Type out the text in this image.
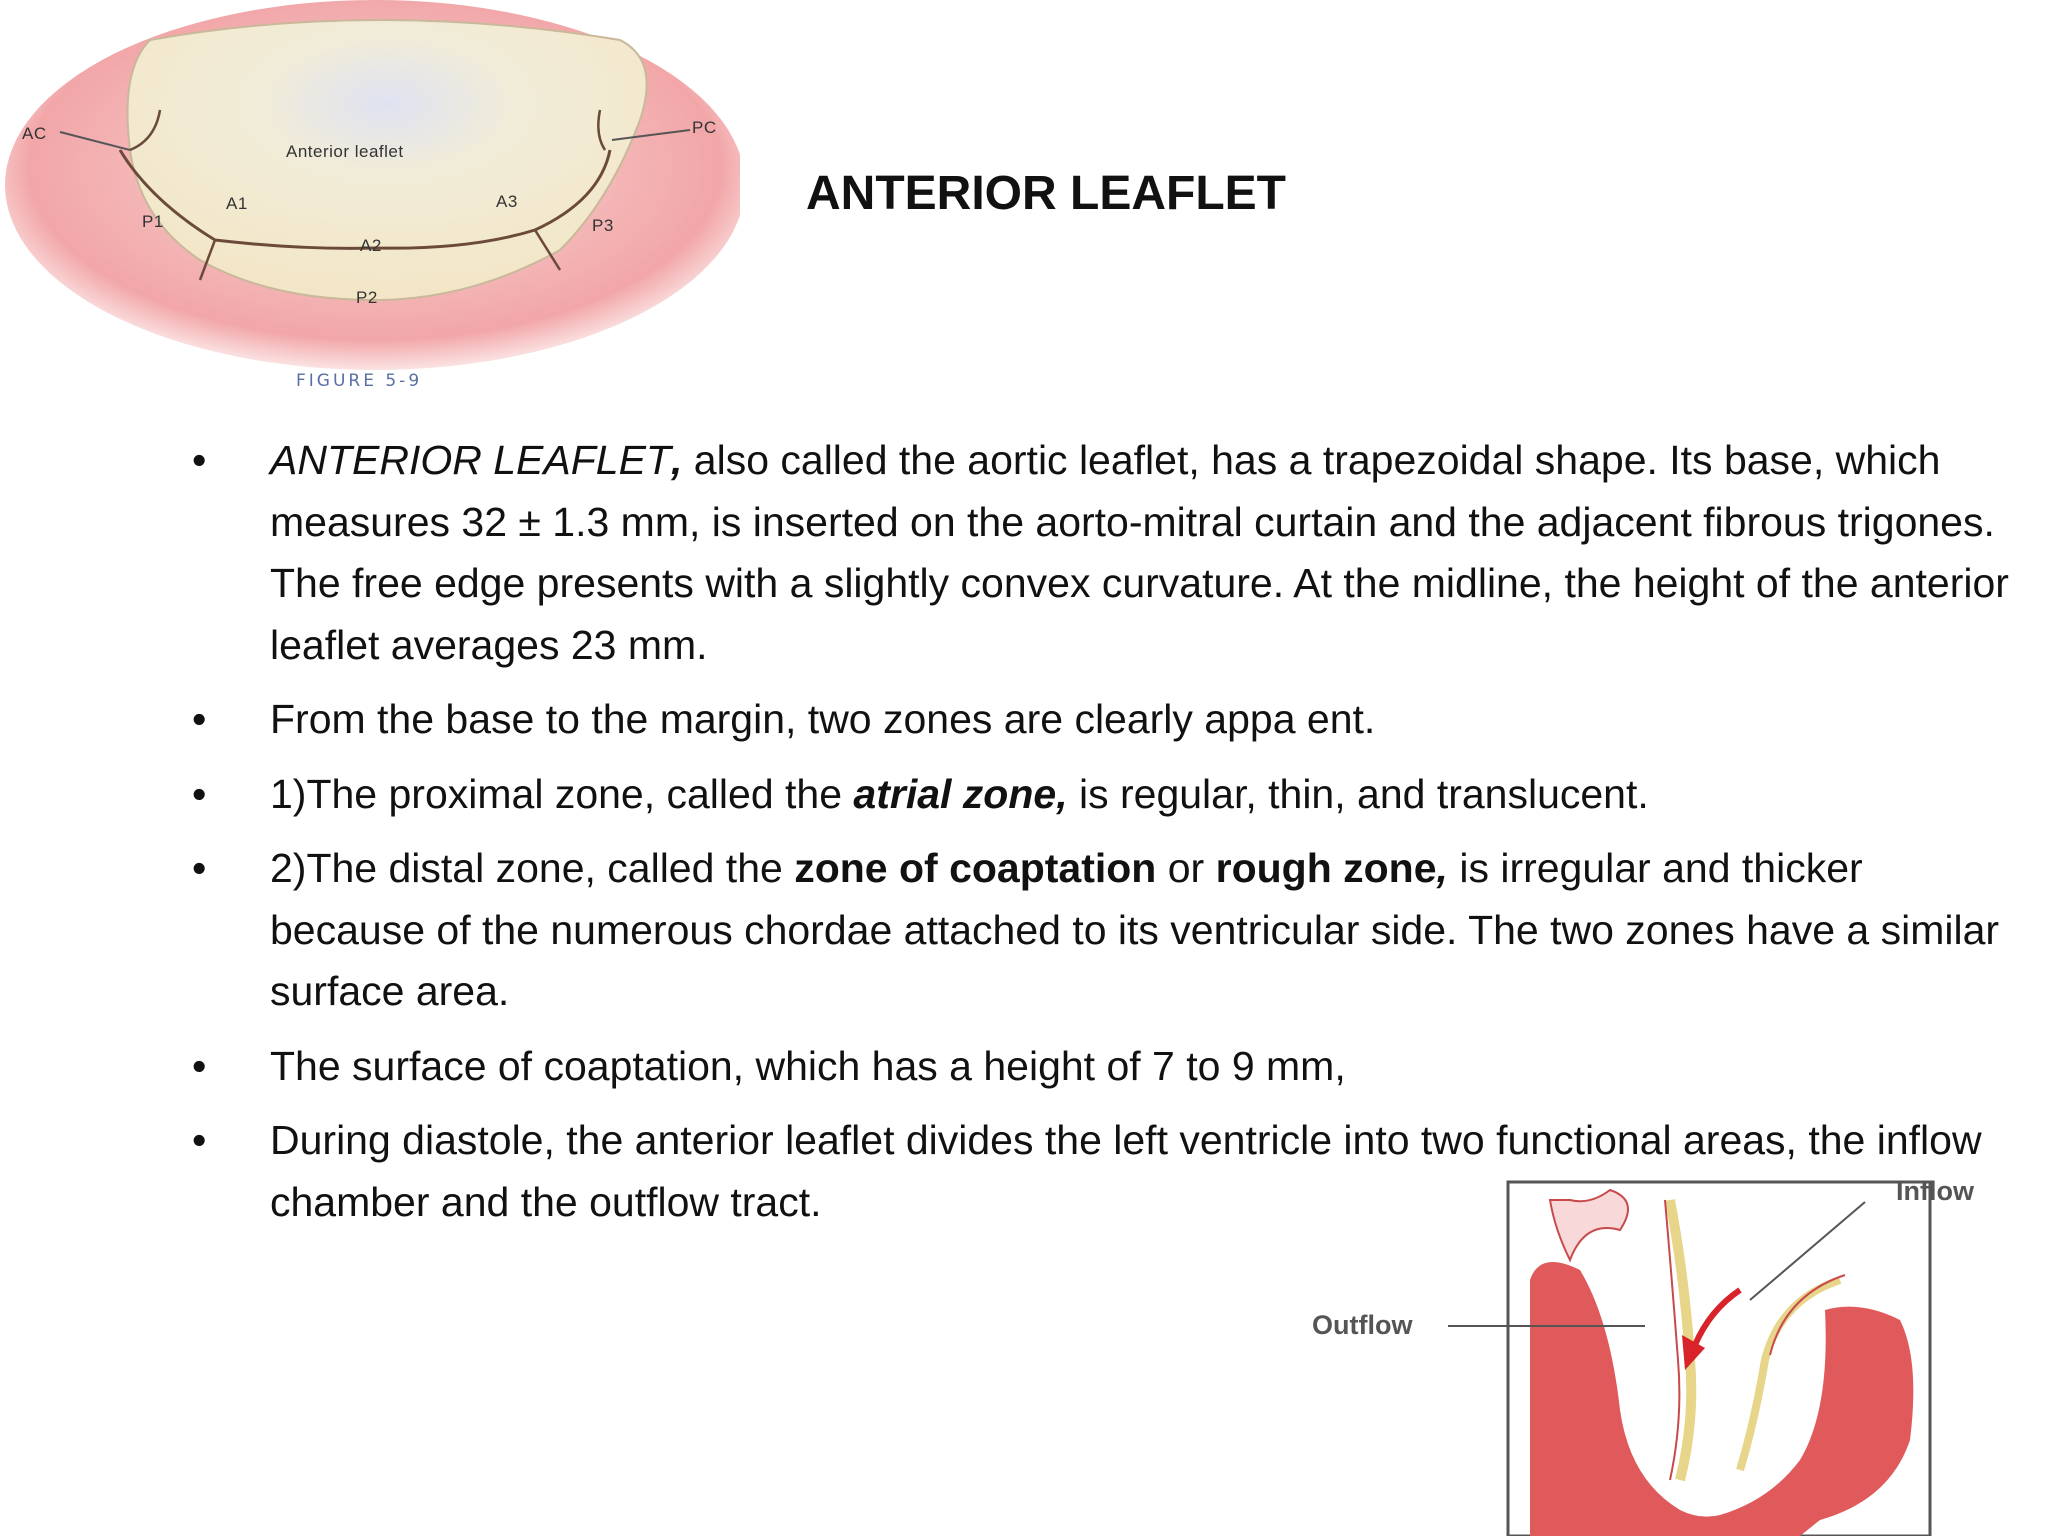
AC	PC
Anterior leaflet
A1
A2
A3
P1
P2
P3
FIGURE 5-9
ANTERIOR LEAFLET
• ANTERIOR LEAFLET, also called the aortic leaflet, has a trapezoidal shape. Its base, which measures 32 ± 1.3 mm, is inserted on the aorto-mitral curtain and the adjacent fibrous trigones. The free edge presents with a slightly convex curvature. At the midline, the height of the anterior leaflet averages 23 mm.
• From the base to the margin, two zones are clearly appa ent.
• 1)The proximal zone, called the atrial zone, is regular, thin, and translucent.
• 2)The distal zone, called the zone of coaptation or rough zone, is irregular and thicker because of the numerous chordae attached to its ventricular side. The two zones have a similar surface area.
• The surface of coaptation, which has a height of 7 to 9 mm,
• During diastole, the anterior leaflet divides the left ventricle into two functional areas, the inflow chamber and the outflow tract.	Inflow
Outflow
